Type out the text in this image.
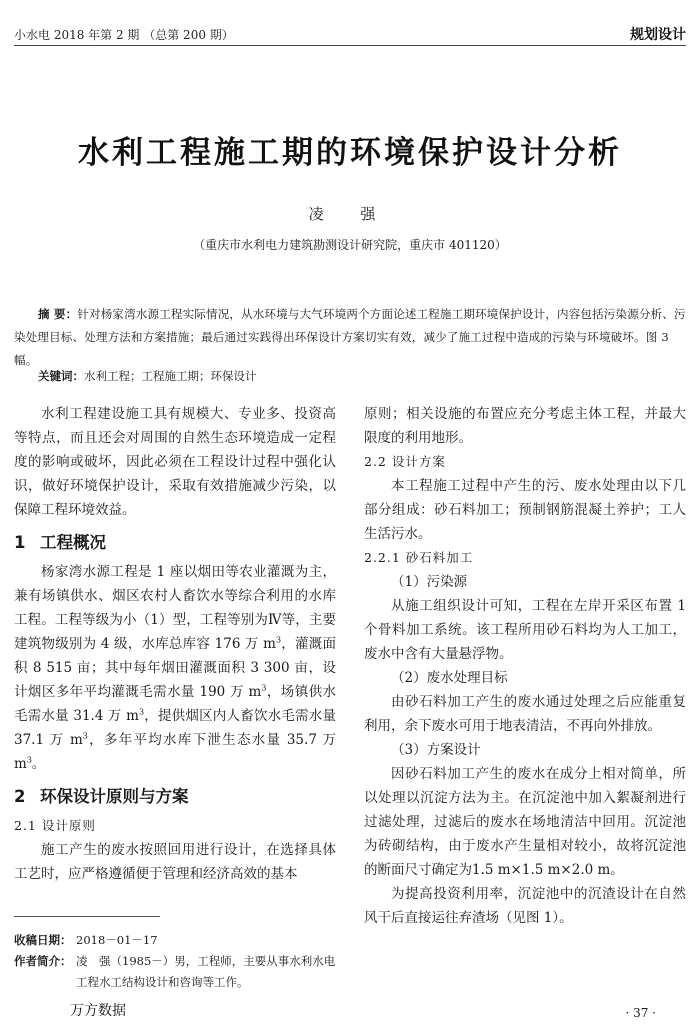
小水电 2018 年第 2 期 （总第 200 期）	规划设计
水利工程施工期的环境保护设计分析
凌 强
（重庆市水利电力建筑勘测设计研究院，重庆市 401120）
摘 要：针对杨家湾水源工程实际情况，从水环境与大气环境两个方面论述工程施工期环境保护设计，内容包括污染源分析、污染处理目标、处理方法和方案措施；最后通过实践得出环保设计方案切实有效，减少了施工过程中造成的污染与环境破坏。图 3 幅。
关键词：水利工程；工程施工期；环保设计

水利工程建设施工具有规模大、专业多、投资高等特点，而且还会对周围的自然生态环境造成一定程度的影响或破坏，因此必须在工程设计过程中强化认识，做好环境保护设计，采取有效措施减少污染，以保障工程环境效益。

1 工程概况

杨家湾水源工程是 1 座以烟田等农业灌溉为主，兼有场镇供水、烟区农村人畜饮水等综合利用的水库工程。工程等级为小（1）型，工程等别为Ⅳ等，主要建筑物级别为 4 级，水库总库容 176 万 $m^3$，灌溉面积 8 515 亩；其中每年烟田灌溉面积 3 300 亩，设计烟区多年平均灌溉毛需水量 190 万 $m^3$，场镇供水毛需水量 31.4 万 $m^3$，提供烟区内人畜饮水毛需水量 37.1 万 $m^3$，多年平均水库下泄生态水量 35.7 万 $m^3$。

2 环保设计原则与方案
2.1 设计原则

施工产生的废水按照回用进行设计，在选择具体工艺时，应严格遵循便于管理和经济高效的基本

原则；相关设施的布置应充分考虑主体工程，并最大限度的利用地形。

2.2 设计方案

本工程施工过程中产生的污、废水处理由以下几部分组成：砂石料加工；预制钢筋混凝土养护；工人生活污水。

2.2.1 砂石料加工

（1）污染源

从施工组织设计可知，工程在左岸开采区布置 1 个骨料加工系统。该工程所用砂石料均为人工加工，废水中含有大量悬浮物。

（2）废水处理目标

由砂石料加工产生的废水通过处理之后应能重复利用，余下废水可用于地表清洁，不再向外排放。

（3）方案设计

因砂石料加工产生的废水在成分上相对简单，所以处理以沉淀方法为主。在沉淀池中加入絮凝剂进行过滤处理，过滤后的废水在场地清洁中回用。沉淀池为砖砌结构，由于废水产生量相对较小，故将沉淀池的断面尺寸确定为1.5 m×1.5 m×2.0 m。

为提高投资利用率，沉淀池中的沉渣设计在自然风干后直接运往弃渣场（见图 1）。

收稿日期： 2018－01－17
作者简介： 凌　强（1985－）男，工程师，主要从事水利水电工程水工结构设计和咨询等工作。
万方数据	· 37 ·
